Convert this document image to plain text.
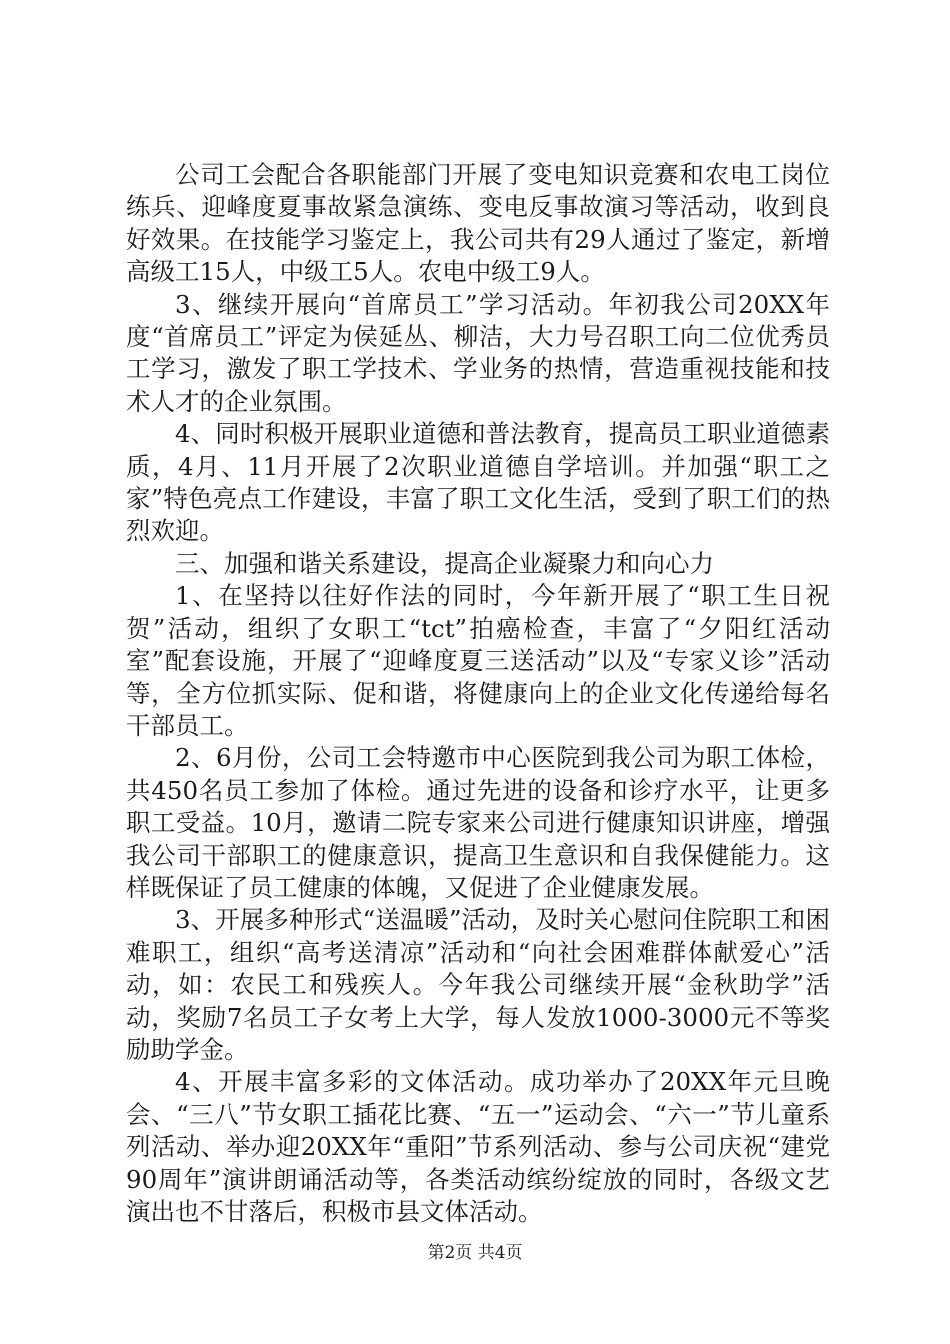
公司工会配合各职能部门开展了变电知识竞赛和农电工岗位练兵、迎峰度夏事故紧急演练、变电反事故演习等活动，收到良好效果。在技能学习鉴定上，我公司共有29人通过了鉴定，新增高级工15人，中级工5人。农电中级工9人。

3、继续开展向“首席员工”学习活动。年初我公司20XX年度“首席员工”评定为侯延丛、柳洁，大力号召职工向二位优秀员工学习，激发了职工学技术、学业务的热情，营造重视技能和技术人才的企业氛围。

4、同时积极开展职业道德和普法教育，提高员工职业道德素质，4月、11月开展了2次职业道德自学培训。并加强“职工之家”特色亮点工作建设，丰富了职工文化生活，受到了职工们的热烈欢迎。

三、加强和谐关系建设，提高企业凝聚力和向心力

1、在坚持以往好作法的同时，今年新开展了“职工生日祝贺”活动，组织了女职工“tct”拍癌检查，丰富了“夕阳红活动室”配套设施，开展了“迎峰度夏三送活动”以及“专家义诊”活动等，全方位抓实际、促和谐，将健康向上的企业文化传递给每名干部员工。

2、6月份，公司工会特邀市中心医院到我公司为职工体检，共450名员工参加了体检。通过先进的设备和诊疗水平，让更多职工受益。10月，邀请二院专家来公司进行健康知识讲座，增强我公司干部职工的健康意识，提高卫生意识和自我保健能力。这样既保证了员工健康的体魄，又促进了企业健康发展。

3、开展多种形式“送温暖”活动，及时关心慰问住院职工和困难职工，组织“高考送清凉”活动和“向社会困难群体献爱心”活动，如：农民工和残疾人。今年我公司继续开展“金秋助学”活动，奖励7名员工子女考上大学，每人发放1000-3000元不等奖励助学金。

4、开展丰富多彩的文体活动。成功举办了20XX年元旦晚会、“三八”节女职工插花比赛、“五一”运动会、“六一”节儿童系列活动、举办迎20XX年“重阳”节系列活动、参与公司庆祝“建党90周年”演讲朗诵活动等，各类活动缤纷绽放的同时，各级文艺演出也不甘落后，积极市县文体活动。

第2页 共4页
